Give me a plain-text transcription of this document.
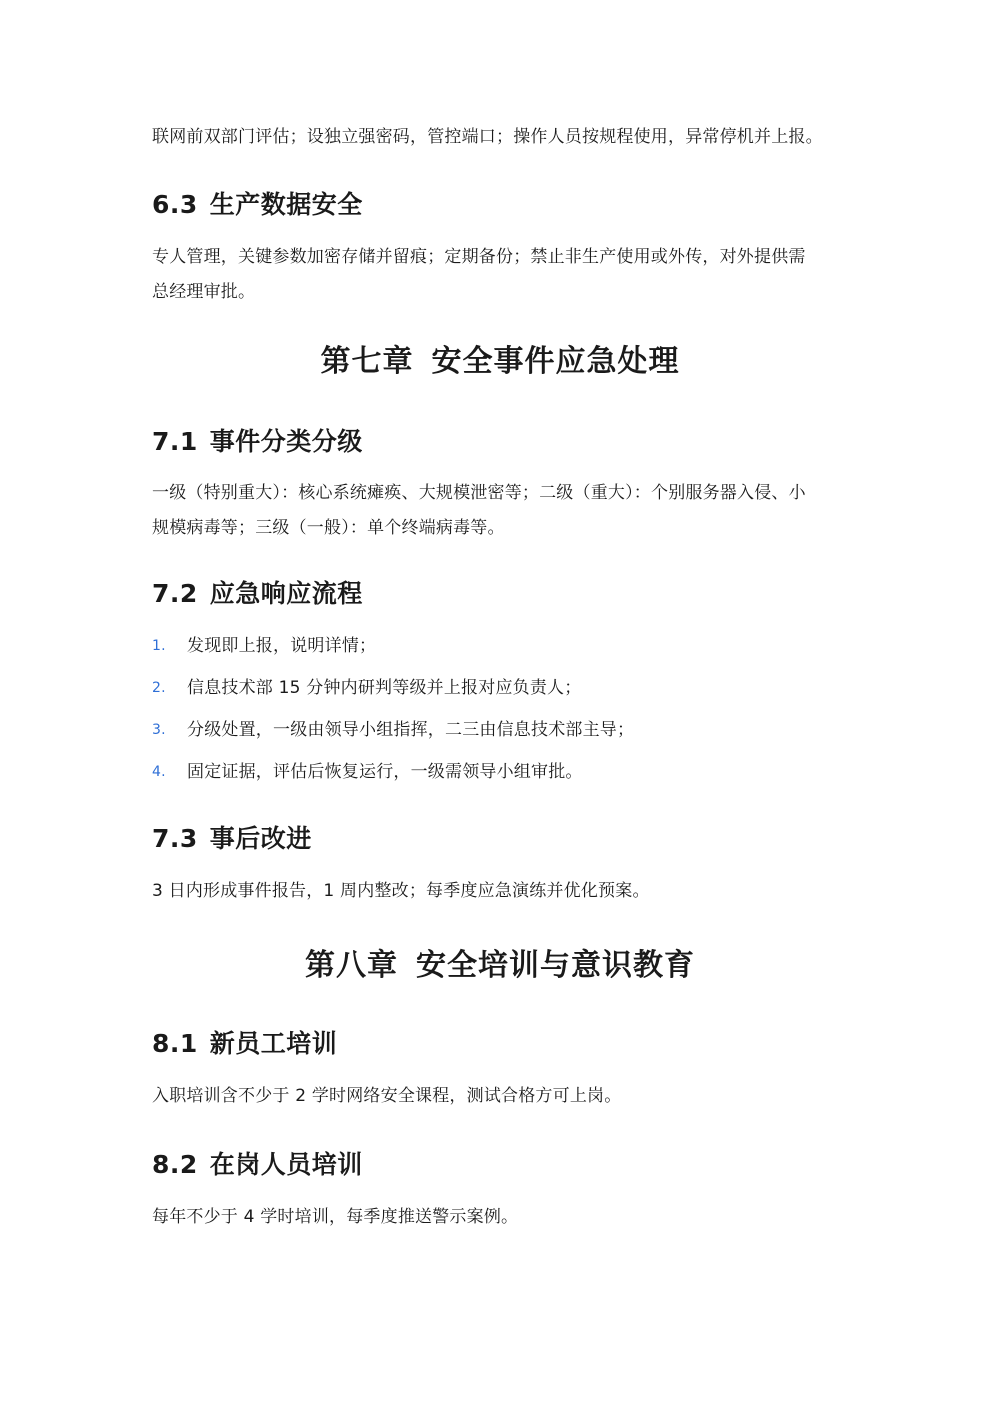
联网前双部门评估；设独立强密码，管控端口；操作人员按规程使用，异常停机并上报。

6.3 生产数据安全

专人管理，关键参数加密存储并留痕；定期备份；禁止非生产使用或外传，对外提供需
总经理审批。

第七章 安全事件应急处理
7.1 事件分类分级

一级（特别重大）：核心系统瘫痪、大规模泄密等；二级（重大）：个别服务器入侵、小
规模病毒等；三级（一般）：单个终端病毒等。

7.2 应急响应流程
1. 发现即上报，说明详情；
2. 信息技术部 15 分钟内研判等级并上报对应负责人；
3. 分级处置，一级由领导小组指挥，二三由信息技术部主导；
4. 固定证据，评估后恢复运行，一级需领导小组审批。
7.3 事后改进

3 日内形成事件报告，1 周内整改；每季度应急演练并优化预案。

第八章 安全培训与意识教育
8.1 新员工培训

入职培训含不少于 2 学时网络安全课程，测试合格方可上岗。

8.2 在岗人员培训

每年不少于 4 学时培训，每季度推送警示案例。
